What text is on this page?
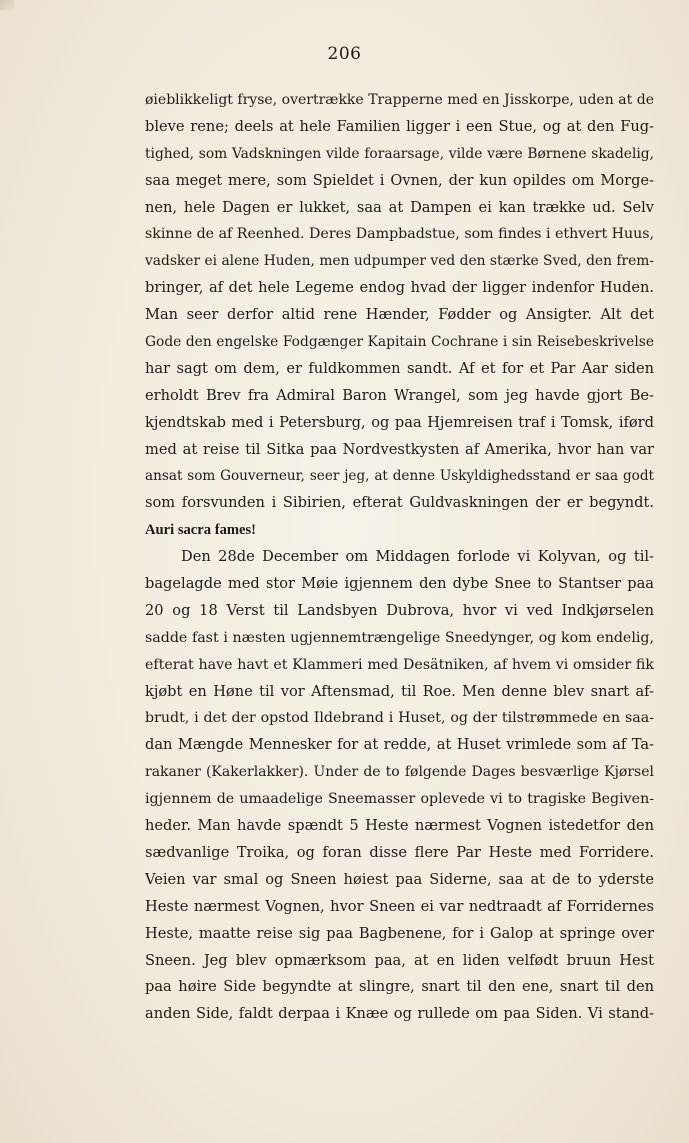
206
øieblikkeligt fryse, overtrække Trapperne med en Jisskorpe, uden at de
bleve rene; deels at hele Familien ligger i een Stue, og at den Fug-
tighed, som Vadskningen vilde foraarsage, vilde være Børnene skadelig,
saa meget mere, som Spieldet i Ovnen, der kun opildes om Morge-
nen, hele Dagen er lukket, saa at Dampen ei kan trække ud. Selv
skinne de af Reenhed. Deres Dampbadstue, som findes i ethvert Huus,
vadsker ei alene Huden, men udpumper ved den stærke Sved, den frem-
bringer, af det hele Legeme endog hvad der ligger indenfor Huden.
Man seer derfor altid rene Hænder, Fødder og Ansigter. Alt det
Gode den engelske Fodgænger Kapitain Cochrane i sin Reisebeskrivelse
har sagt om dem, er fuldkommen sandt. Af et for et Par Aar siden
erholdt Brev fra Admiral Baron Wrangel, som jeg havde gjort Be-
kjendtskab med i Petersburg, og paa Hjemreisen traf i Tomsk, iførd
med at reise til Sitka paa Nordvestkysten af Amerika, hvor han var
ansat som Gouverneur, seer jeg, at denne Uskyldighedsstand er saa godt
som forsvunden i Sibirien, efterat Guldvaskningen der er begyndt.
Auri sacra fames!
Den 28de December om Middagen forlode vi Kolyvan, og til-
bagelagde med stor Møie igjennem den dybe Snee to Stantser paa
20 og 18 Verst til Landsbyen Dubrova, hvor vi ved Indkjørselen
sadde fast i næsten ugjennemtrængelige Sneedynger, og kom endelig,
efterat have havt et Klammeri med Desätniken, af hvem vi omsider fik
kjøbt en Høne til vor Aftensmad, til Roe. Men denne blev snart af-
brudt, i det der opstod Ildebrand i Huset, og der tilstrømmede en saa-
dan Mængde Mennesker for at redde, at Huset vrimlede som af Ta-
rakaner (Kakerlakker). Under de to følgende Dages besværlige Kjørsel
igjennem de umaadelige Sneemasser oplevede vi to tragiske Begiven-
heder. Man havde spændt 5 Heste nærmest Vognen istedetfor den
sædvanlige Troika, og foran disse flere Par Heste med Forridere.
Veien var smal og Sneen høiest paa Siderne, saa at de to yderste
Heste nærmest Vognen, hvor Sneen ei var nedtraadt af Forridernes
Heste, maatte reise sig paa Bagbenene, for i Galop at springe over
Sneen. Jeg blev opmærksom paa, at en liden velfødt bruun Hest
paa høire Side begyndte at slingre, snart til den ene, snart til den
anden Side, faldt derpaa i Knæe og rullede om paa Siden. Vi stand-
